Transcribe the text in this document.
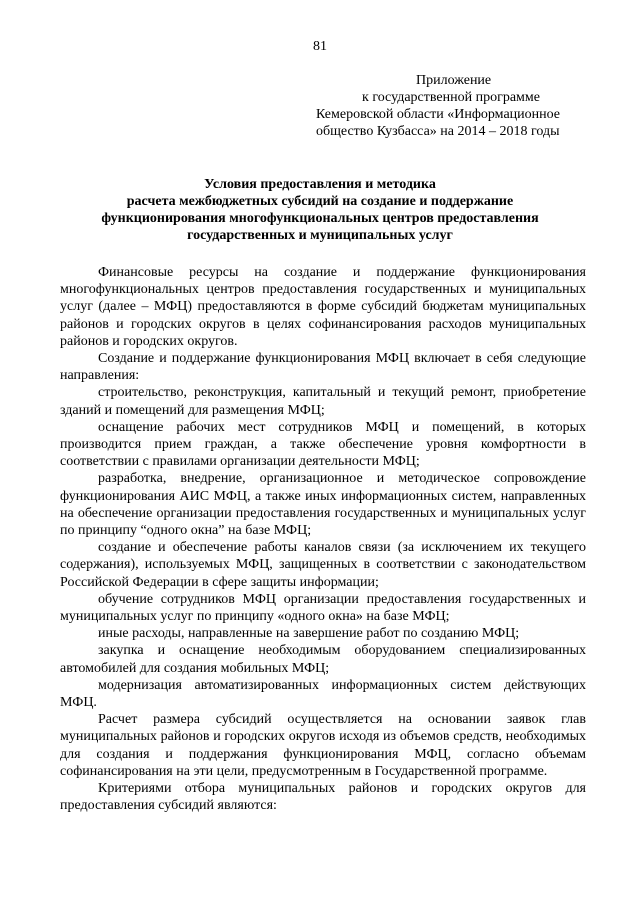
81
Приложение
к государственной программе
Кемеровской области «Информационное
общество Кузбасса» на 2014 – 2018 годы
Условия предоставления и методика
расчета межбюджетных субсидий на создание и поддержание
функционирования многофункциональных центров предоставления
государственных и муниципальных услуг

Финансовые ресурсы на создание и поддержание функционирования многофункциональных центров предоставления государственных и муниципальных услуг (далее – МФЦ) предоставляются в форме субсидий бюджетам муниципальных районов и городских округов в целях софинансирования расходов муниципальных районов и городских округов.

Создание и поддержание функционирования МФЦ включает в себя следующие направления:

строительство, реконструкция, капитальный и текущий ремонт, приобретение зданий и помещений для размещения МФЦ;

оснащение рабочих мест сотрудников МФЦ и помещений, в которых производится прием граждан, а также обеспечение уровня комфортности в соответствии с правилами организации деятельности МФЦ;

разработка, внедрение, организационное и методическое сопровождение функционирования АИС МФЦ, а также иных информационных систем, направленных на обеспечение организации предоставления государственных и муниципальных услуг по принципу “одного окна” на базе МФЦ;

создание и обеспечение работы каналов связи (за исключением их текущего содержания), используемых МФЦ, защищенных в соответствии с законодательством Российской Федерации в сфере защиты информации;

обучение сотрудников МФЦ организации предоставления государственных и муниципальных услуг по принципу «одного окна» на базе МФЦ;

иные расходы, направленные на завершение работ по созданию МФЦ;

закупка и оснащение необходимым оборудованием специализированных автомобилей для создания мобильных МФЦ;

модернизация автоматизированных информационных систем действующих МФЦ.

Расчет размера субсидий осуществляется на основании заявок глав муниципальных районов и городских округов исходя из объемов средств, необходимых для создания и поддержания функционирования МФЦ, согласно объемам софинансирования на эти цели, предусмотренным в Государственной программе.

Критериями отбора муниципальных районов и городских округов для предоставления субсидий являются:
